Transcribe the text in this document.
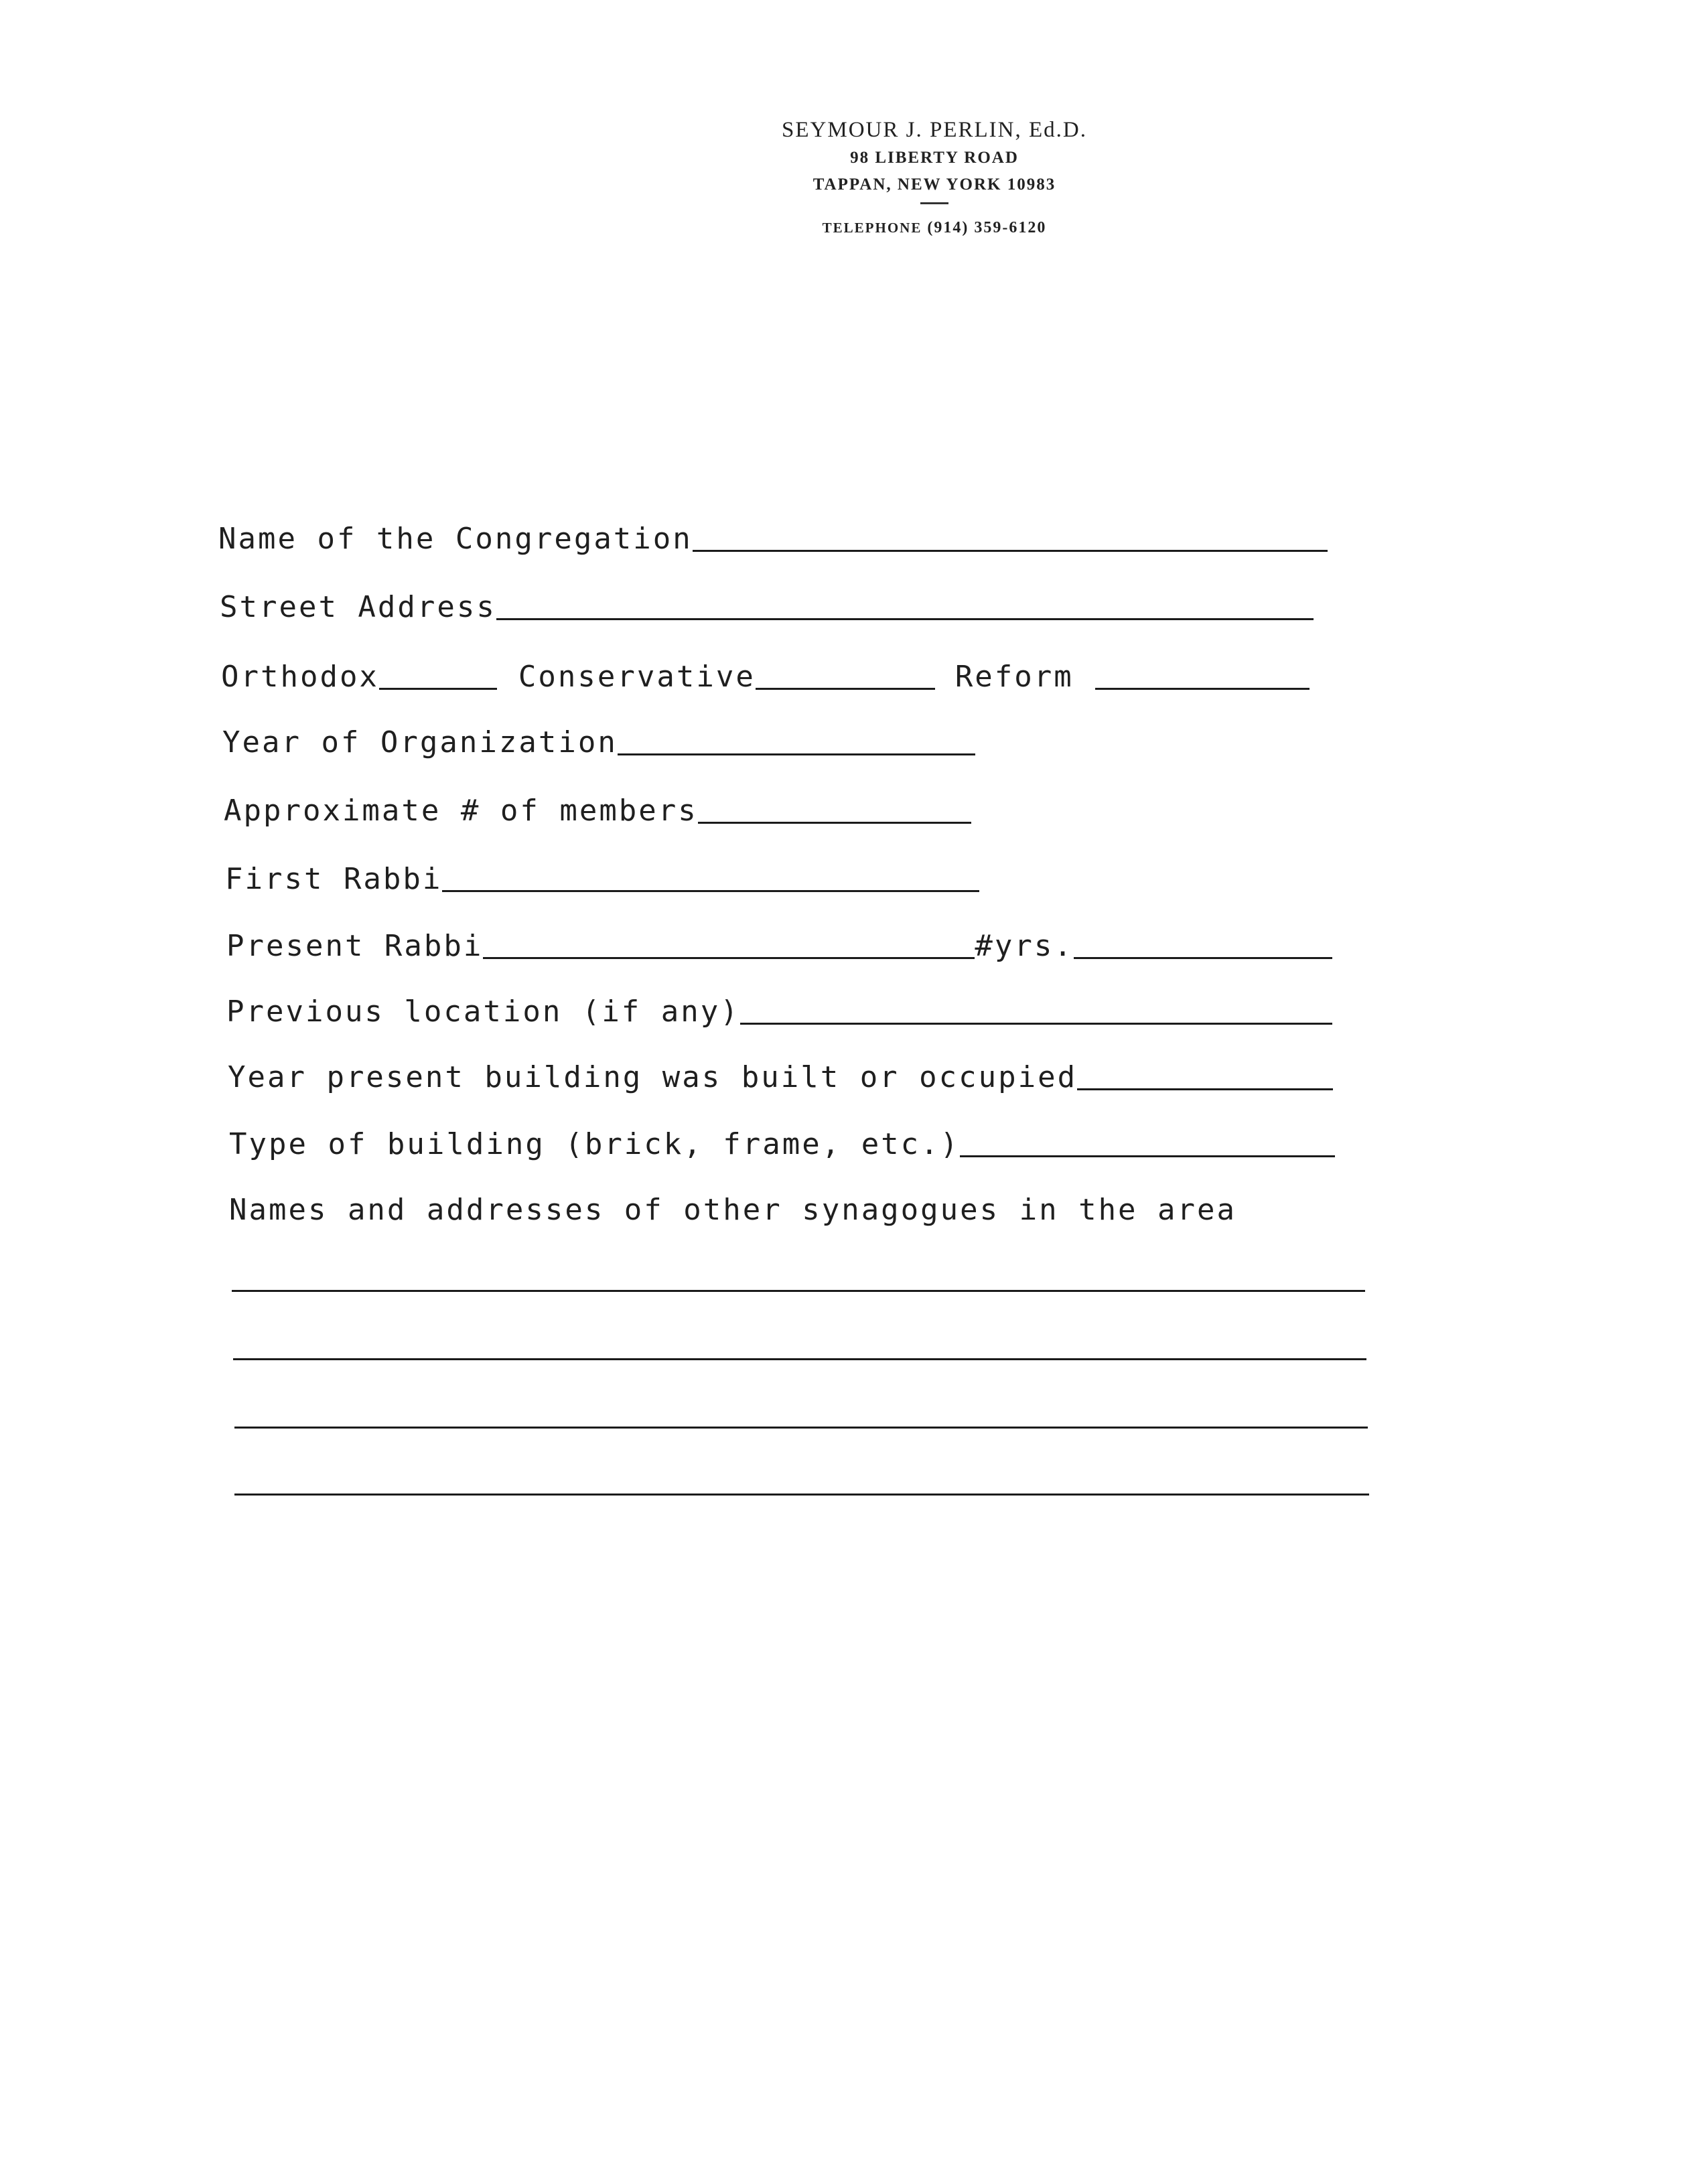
SEYMOUR J. PERLIN, Ed.D.
98 LIBERTY ROAD
TAPPAN, NEW YORK 10983
TELEPHONE (914) 359-6120
Name of the Congregation
Street Address
Orthodox	Conservative	Reform
Year of Organization
Approximate # of members
First Rabbi
Present Rabbi	#yrs.
Previous location (if any)
Year present building was built or occupied
Type of building (brick, frame, etc.)
Names and addresses of other synagogues in the area
